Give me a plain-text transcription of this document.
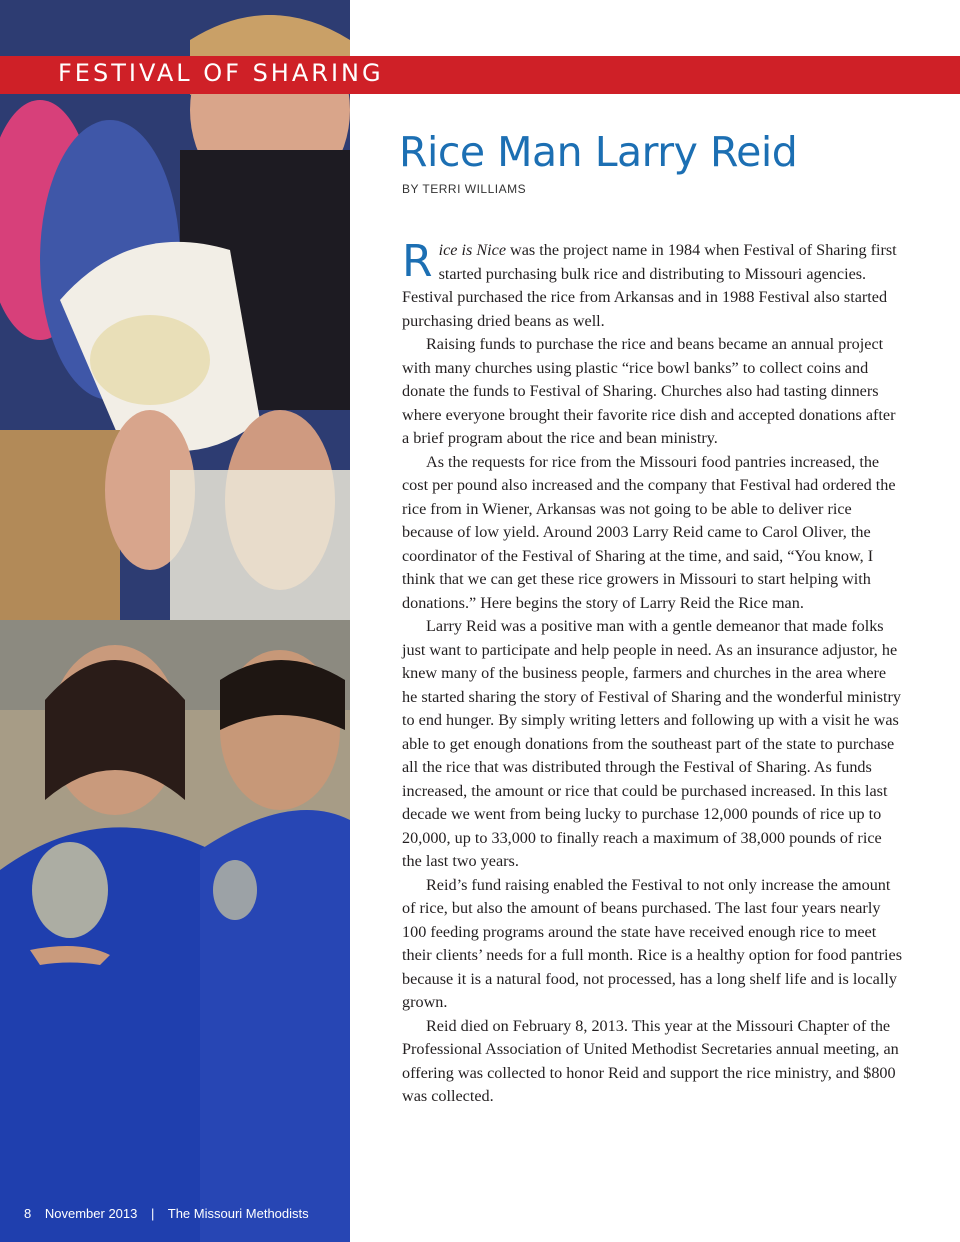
FESTIVAL OF SHARING
Rice Man Larry Reid
BY TERRI WILLIAMS

Rice is Nice was the project name in 1984 when Festival of Sharing first started purchasing bulk rice and distributing to Missouri agencies. Festival purchased the rice from Arkansas and in 1988 Festival also started purchasing dried beans as well.

Raising funds to purchase the rice and beans became an annual project with many churches using plastic “rice bowl banks” to collect coins and donate the funds to Festival of Sharing. Churches also had tasting dinners where everyone brought their favorite rice dish and accepted donations after a brief program about the rice and bean ministry.

As the requests for rice from the Missouri food pantries increased, the cost per pound also increased and the company that Festival had ordered the rice from in Wiener, Arkansas was not going to be able to deliver rice because of low yield. Around 2003 Larry Reid came to Carol Oliver, the coordinator of the Festival of Sharing at the time, and said, “You know, I think that we can get these rice growers in Missouri to start helping with donations.” Here begins the story of Larry Reid the Rice man.

Larry Reid was a positive man with a gentle demeanor that made folks just want to participate and help people in need. As an insurance adjustor, he knew many of the business people, farmers and churches in the area where he started sharing the story of Festival of Sharing and the wonderful ministry to end hunger. By simply writing letters and following up with a visit he was able to get enough donations from the southeast part of the state to purchase all the rice that was distributed through the Festival of Sharing. As funds increased, the amount or rice that could be purchased increased. In this last decade we went from being lucky to purchase 12,000 pounds of rice up to 20,000, up to 33,000 to finally reach a maximum of 38,000 pounds of rice the last two years.

Reid’s fund raising enabled the Festival to not only increase the amount of rice, but also the amount of beans purchased. The last four years nearly 100 feeding programs around the state have received enough rice to meet their clients’ needs for a full month. Rice is a healthy option for food pantries because it is a natural food, not processed, has a long shelf life and is locally grown.

Reid died on February 8, 2013. This year at the Missouri Chapter of the Professional Association of United Methodist Secretaries annual meeting, an offering was collected to honor Reid and support the rice ministry, and $800 was collected.

8 November 2013 | The Missouri Methodists
